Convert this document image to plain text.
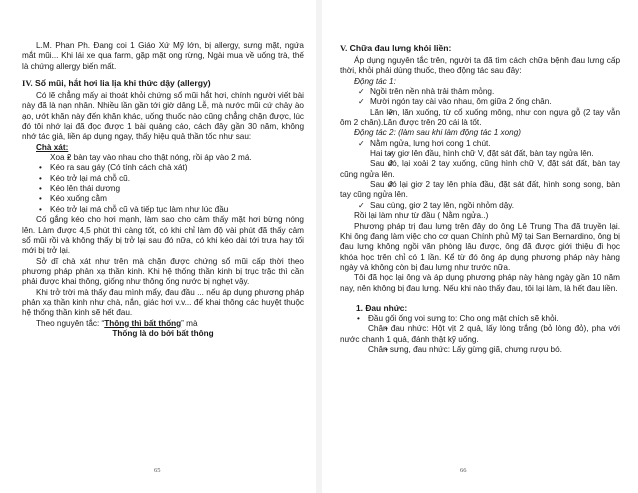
L.M. Phan Ph. Đang coi 1 Giáo Xứ Mỹ lớn, bị allergy, sưng mặt, ngứa mắt mũi... Khi lái xe qua farm, gặp mặt ong rừng, Ngài mua về uống trà, thế là chứng allergy biến mất.

IV. Sổ mũi, hắt hơi lia lịa khi thức dậy (allergy)

Có lẽ chẳng mấy ai thoát khỏi chứng sổ mũi hắt hơi, chính người viết bài này đã là nạn nhân. Nhiều lần gần tới giờ dâng Lễ, mà nước mũi cứ chảy ào ạo, ướt khăn này đến khăn khác, uống thuốc nào cũng chẳng chặn được, lúc đó tôi nhớ lại đã đọc được 1 bài quảng cáo, cách đây gần 30 năm, không nhớ tác giả, liền áp dụng ngay, thấy hiệu quả thần tốc như sau:

Chà xát:
• Xoa 2 bàn tay vào nhau cho thật nóng, rồi áp vào 2 má.
• Kéo ra sau gáy (Có tính cách chà xát)
• Kéo trở lại má chỗ cũ.
• Kéo lên thái dương
• Kéo xuống cằm
• Kéo trở lại má chỗ cũ và tiếp tục làm như lúc đầu

Cố gắng kéo cho hơi mạnh, làm sao cho cảm thấy mặt hơi bừng nóng lên. Làm được 4,5 phút thì càng tốt, có khi chỉ làm độ vài phút đã thấy cảm sổ mũi rồi và không thấy bị trở lại sau đó nữa, có khi kéo dài tới trưa hay tối mới bị trở lại.

Sở dĩ chà xát như trên mà chặn được chứng sổ mũi cấp thời theo phương pháp phản xạ thần kinh. Khi hệ thống thần kinh bị trục trặc thì cần phải được khai thông, giống như thông ống nước bị nghẹt vậy.

Khi trở trời mà thấy đau mình mẩy, đau đầu ... nếu áp dụng phương pháp phản xạ thần kinh như chà, nắn, giác hơi v.v... để khai thông các huyệt thuộc hệ thống thần kinh sẽ hết đau.

Theo nguyên tắc: “Thông thì bất thống” mà

Thống là do bởi bất thông
65
V. Chữa đau lưng khỏi liền:

Áp dụng nguyên tắc trên, người ta đã tìm cách chữa bệnh đau lưng cấp thời, khỏi phải dùng thuốc, theo động tác sau đây:

Động tác 1:

✓ Ngồi trên nền nhà trải thảm mỏng.
✓ Mười ngón tay cài vào nhau, ôm giữa 2 ống chân.
✓ Lăn lên, lăn xuống, từ cổ xuống mông, như con ngựa gỗ (2 tay vẫn ôm 2 chân).Lăn được trên 20 cái là tốt.

Động tác 2: (làm sau khi làm động tác 1 xong)

✓ Nằm ngửa, lưng hơi cong 1 chút.
✓ Hai tay giơ lên đầu, hình chữ V, đặt sát đất, bàn tay ngửa lên.
✓ Sau đó, lại xoải 2 tay xuống, cũng hình chữ V, đặt sát đất, bàn tay cũng ngửa lên.
✓ Sau đó lại giơ 2 tay lên phía đầu, đặt sát đất, hình song song, bàn tay cũng ngửa lên.
✓ Sau cùng, giơ 2 tay lên, ngồi nhỏm dậy.

Rồi lại làm như từ đầu ( Nằm ngửa..)

Phương pháp trị đau lưng trên đây do ông Lê Trung Tha đã truyền lại. Khi ông đang làm việc cho cơ quan Chính phủ Mỹ tại San Bernardino, ông bị đau lưng không ngồi văn phòng lâu được, ông đã được giới thiệu đi học khóa học trên chỉ có 1 lần. Kể từ đó ông áp dụng phương pháp này hàng ngày và không còn bị đau lưng như trước nữa.

Tôi đã học lại ông và áp dụng phương pháp này hàng ngày gần 10 năm nay, nên không bị đau lưng. Nếu khi nào thấy đau, tôi lại làm, là hết đau liền.

1. Đau nhức:
• Đầu gối ống voi sưng to: Cho ong mật chích sẽ khỏi.
• Chân đau nhức: Hột vịt 2 quả, lấy lòng trắng (bỏ lòng đỏ), pha với nước chanh 1 quả, đánh thật kỹ uống.
• Chân sưng, đau nhức: Lấy gừng giã, chưng rượu bó.
66
